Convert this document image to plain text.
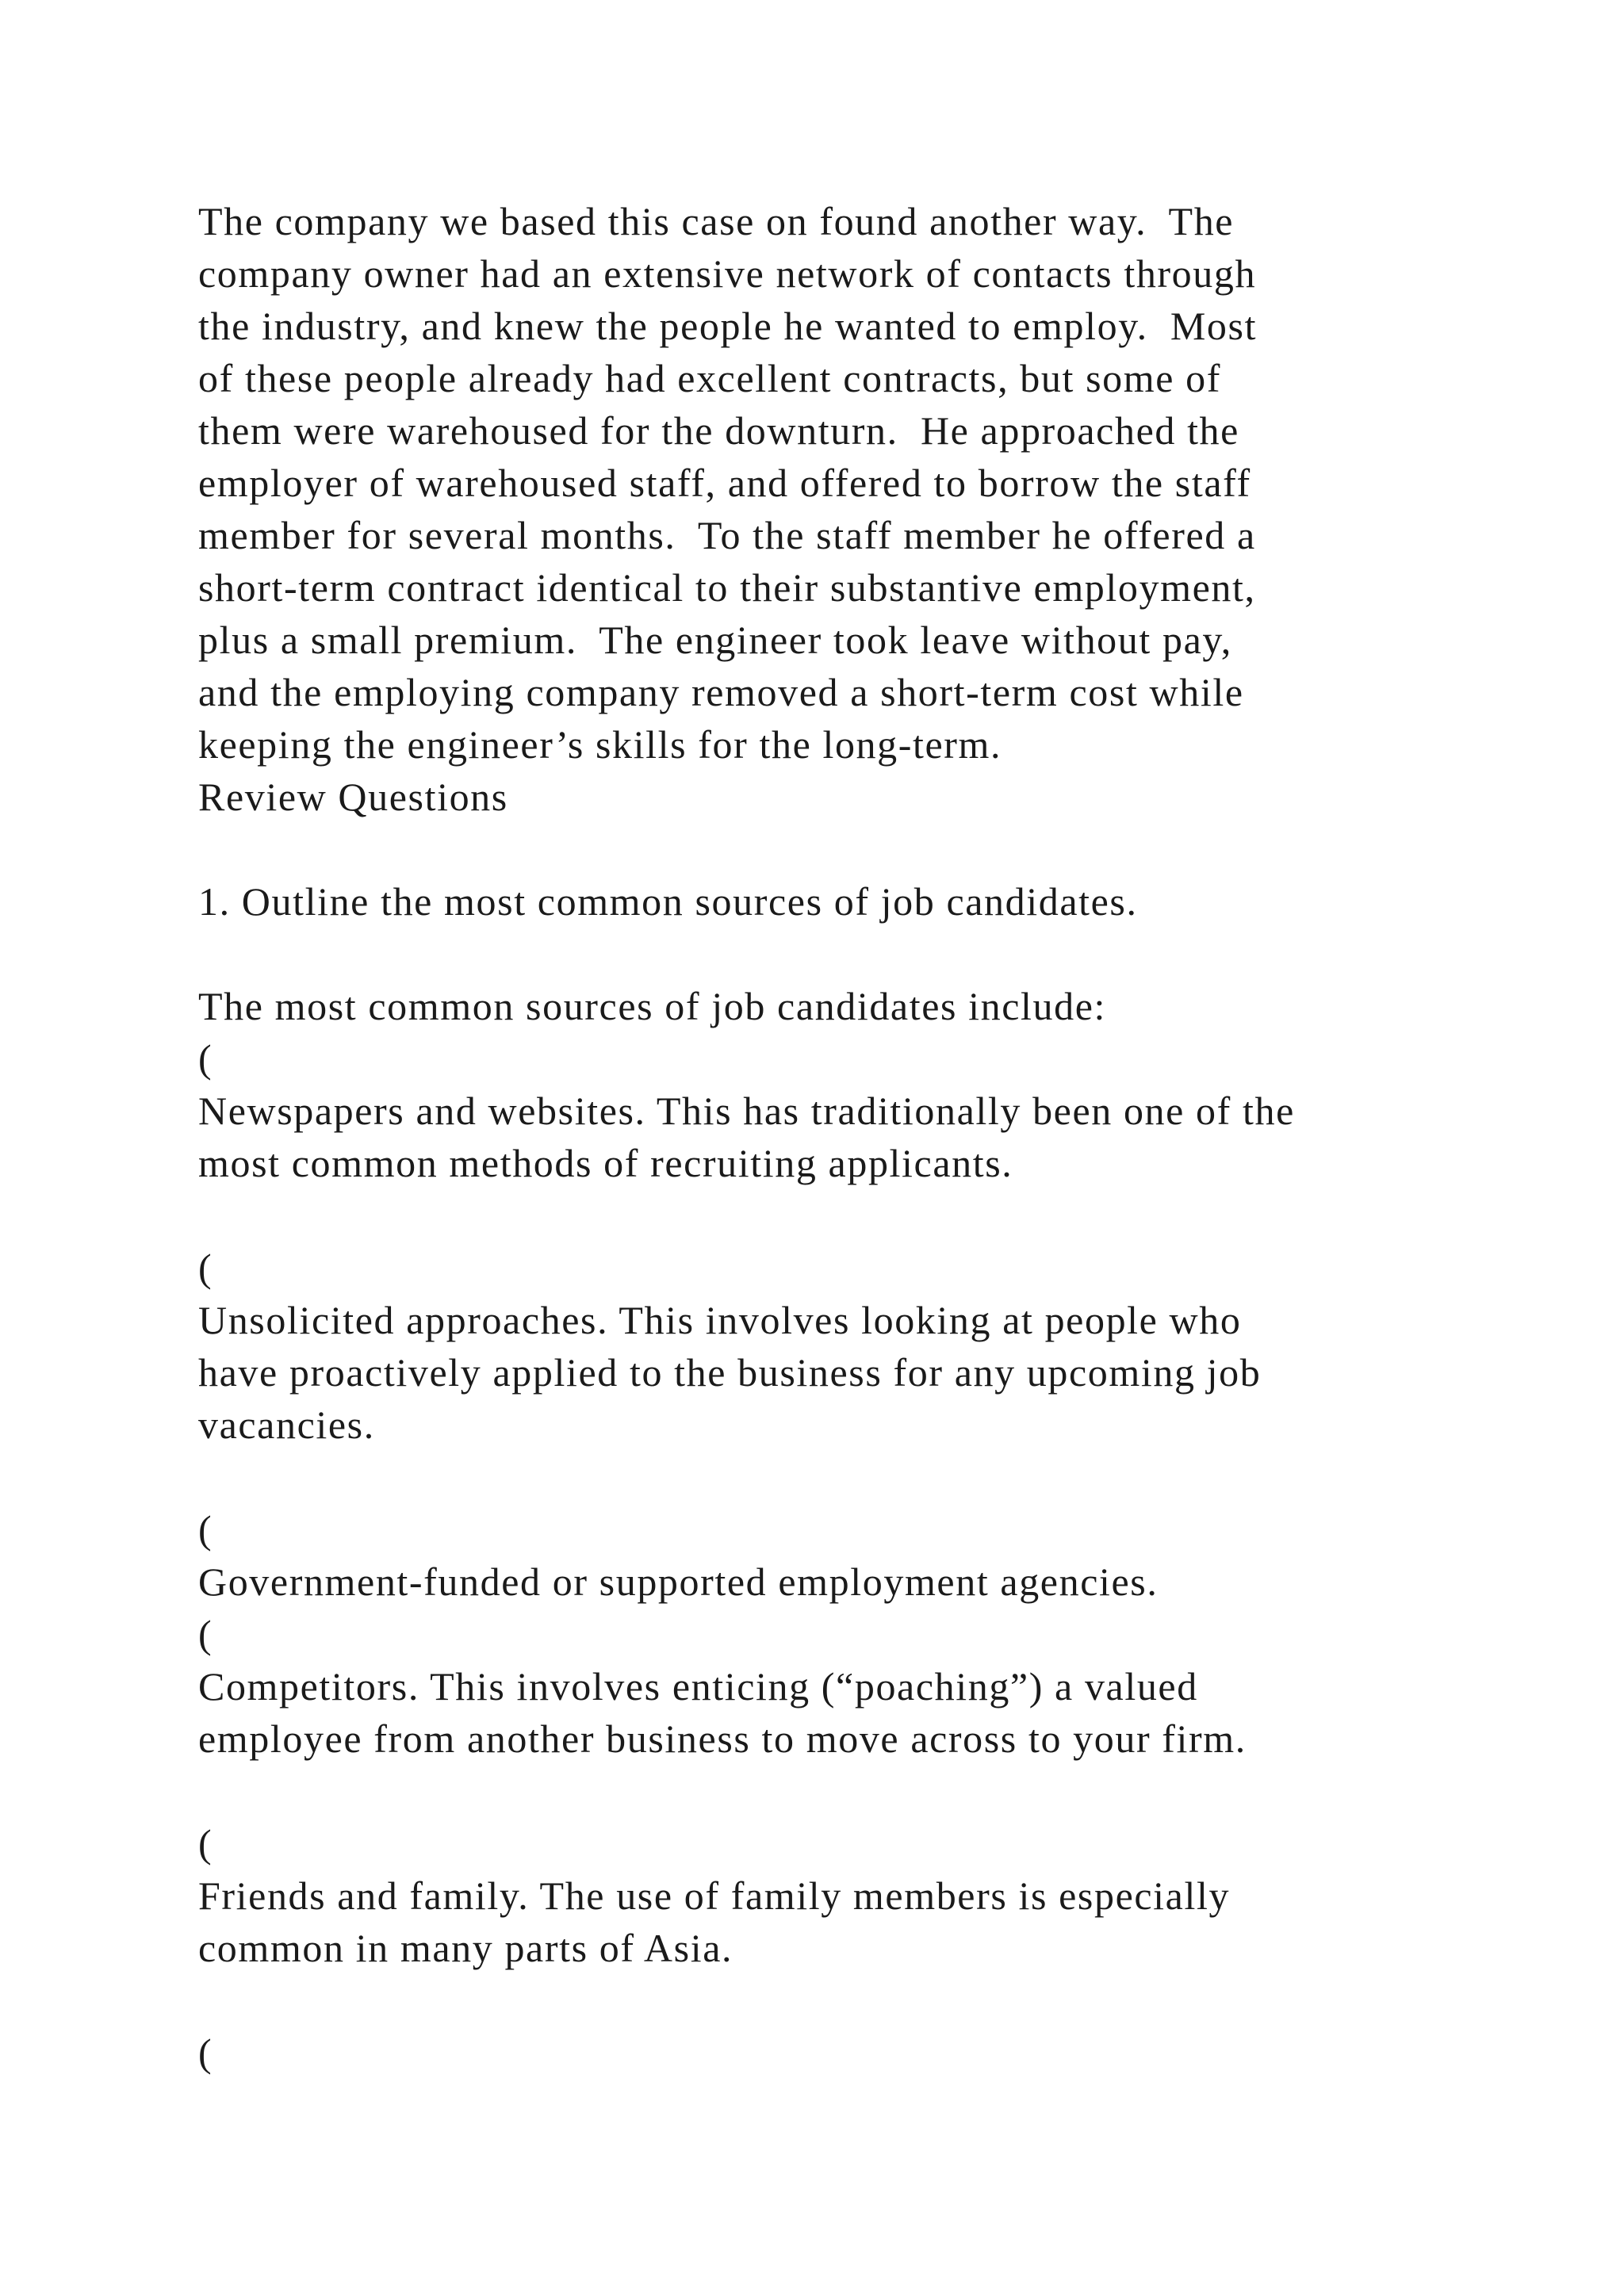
The company we based this case on found another way.  The
company owner had an extensive network of contacts through
the industry, and knew the people he wanted to employ.  Most
of these people already had excellent contracts, but some of
them were warehoused for the downturn.  He approached the
employer of warehoused staff, and offered to borrow the staff
member for several months.  To the staff member he offered a
short-term contract identical to their substantive employment,
plus a small premium.  The engineer took leave without pay,
and the employing company removed a short-term cost while
keeping the engineer’s skills for the long-term.
Review Questions
1. Outline the most common sources of job candidates.
The most common sources of job candidates include:
(
Newspapers and websites. This has traditionally been one of the
most common methods of recruiting applicants.
(
Unsolicited approaches. This involves looking at people who
have proactively applied to the business for any upcoming job
vacancies.
(
Government-funded or supported employment agencies.
(
Competitors. This involves enticing (“poaching”) a valued
employee from another business to move across to your firm.
(
Friends and family. The use of family members is especially
common in many parts of Asia.
(
